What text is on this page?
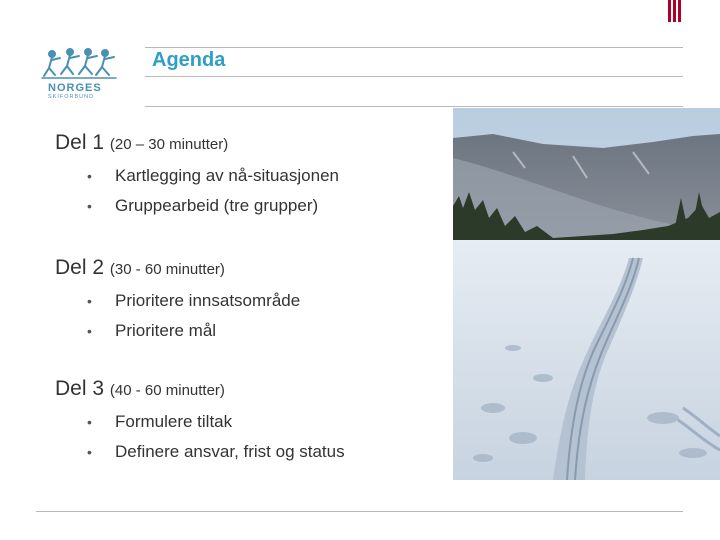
NORGES
SKIFORBUND
Agenda
Del 1 (20 – 30 minutter)
• Kartlegging av nå-situasjonen
• Gruppearbeid (tre grupper)
Del 2 (30 - 60 minutter)
• Prioritere innsatsområde
• Prioritere mål
Del 3 (40 - 60 minutter)
• Formulere tiltak
• Definere ansvar, frist og status
